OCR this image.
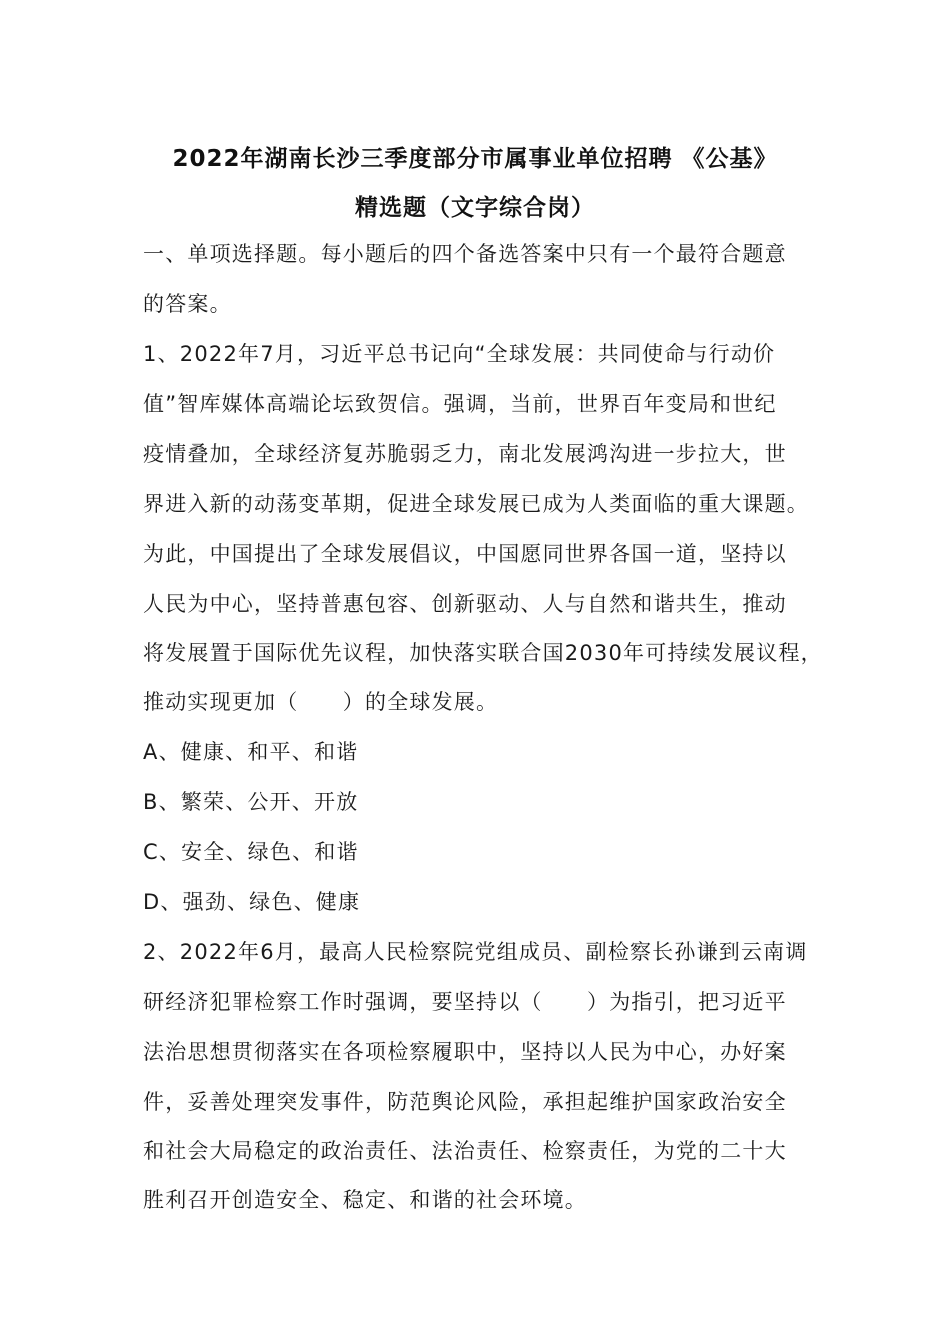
2022年湖南长沙三季度部分市属事业单位招聘 《公基》
精选题（文字综合岗）
一、单项选择题。每小题后的四个备选答案中只有一个最符合题意
的答案。
1、2022年7月，习近平总书记向“全球发展：共同使命与行动价
值”智库媒体高端论坛致贺信。强调，当前，世界百年变局和世纪
疫情叠加，全球经济复苏脆弱乏力，南北发展鸿沟进一步拉大，世
界进入新的动荡变革期，促进全球发展已成为人类面临的重大课题。
为此，中国提出了全球发展倡议，中国愿同世界各国一道，坚持以
人民为中心，坚持普惠包容、创新驱动、人与自然和谐共生，推动
将发展置于国际优先议程，加快落实联合国2030年可持续发展议程，
推动实现更加（　　）的全球发展。
A、健康、和平、和谐
B、繁荣、公开、开放
C、安全、绿色、和谐
D、强劲、绿色、健康
2、2022年6月，最高人民检察院党组成员、副检察长孙谦到云南调
研经济犯罪检察工作时强调，要坚持以（　　）为指引，把习近平
法治思想贯彻落实在各项检察履职中，坚持以人民为中心，办好案
件，妥善处理突发事件，防范舆论风险，承担起维护国家政治安全
和社会大局稳定的政治责任、法治责任、检察责任，为党的二十大
胜利召开创造安全、稳定、和谐的社会环境。
